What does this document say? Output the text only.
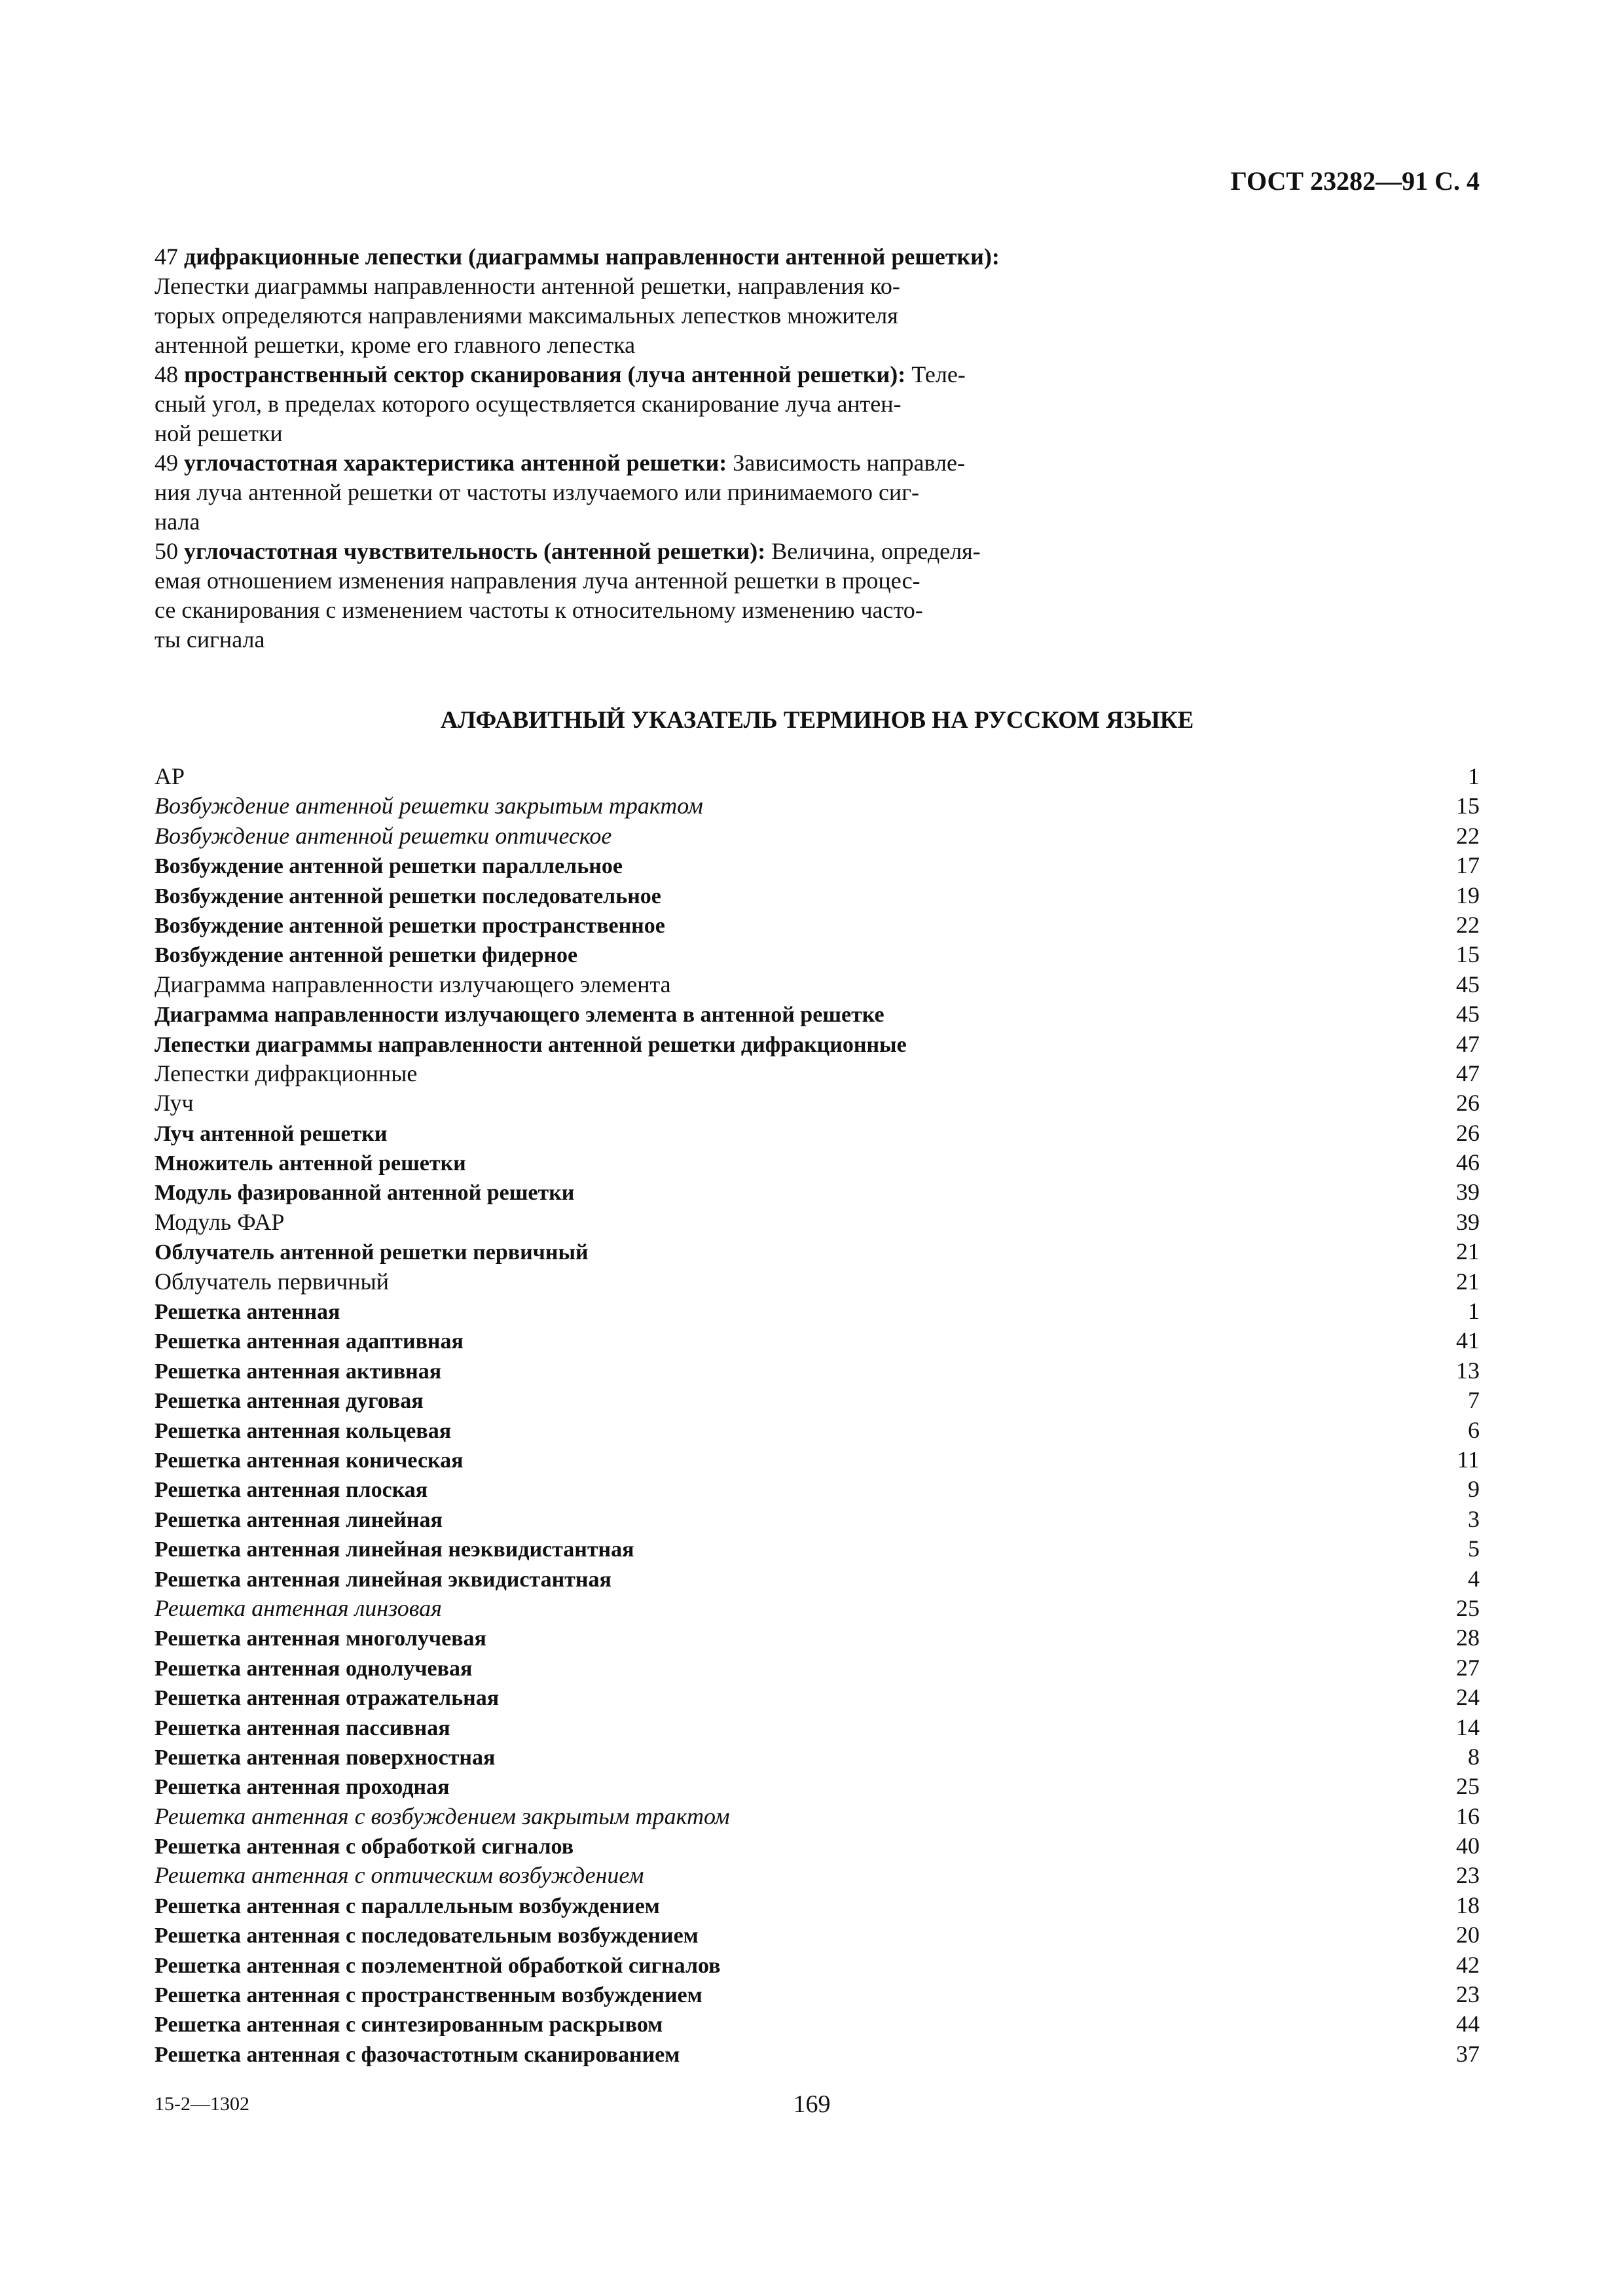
ГОСТ 23282—91 С. 4

47 дифракционные лепестки (диаграммы направленности антенной решетки):

Лепестки диаграммы направленности антенной решетки, направления ко-

торых определяются направлениями максимальных лепестков множителя

антенной решетки, кроме его главного лепестка

48 пространственный сектор сканирования (луча антенной решетки): Теле-

сный угол, в пределах которого осуществляется сканирование луча антен-

ной решетки

49 углочастотная характеристика антенной решетки: Зависимость направле-

ния луча антенной решетки от частоты излучаемого или принимаемого сиг-

нала

50 углочастотная чувствительность (антенной решетки): Величина, определя-

емая отношением изменения направления луча антенной решетки в процес-

се сканирования с изменением частоты к относительному изменению часто-

ты сигнала

АЛФАВИТНЫЙ УКАЗАТЕЛЬ ТЕРМИНОВ НА РУССКОМ ЯЗЫКЕ
АР	1
Возбуждение антенной решетки закрытым трактом	15
Возбуждение антенной решетки оптическое	22
Возбуждение антенной решетки параллельное	17
Возбуждение антенной решетки последовательное	19
Возбуждение антенной решетки пространственное	22
Возбуждение антенной решетки фидерное	15
Диаграмма направленности излучающего элемента	45
Диаграмма направленности излучающего элемента в антенной решетке	45
Лепестки диаграммы направленности антенной решетки дифракционные	47
Лепестки дифракционные	47
Луч	26
Луч антенной решетки	26
Множитель антенной решетки	46
Модуль фазированной антенной решетки	39
Модуль ФАР	39
Облучатель антенной решетки первичный	21
Облучатель первичный	21
Решетка антенная	1
Решетка антенная адаптивная	41
Решетка антенная активная	13
Решетка антенная дуговая	7
Решетка антенная кольцевая	6
Решетка антенная коническая	11
Решетка антенная плоская	9
Решетка антенная линейная	3
Решетка антенная линейная неэквидистантная	5
Решетка антенная линейная эквидистантная	4
Решетка антенная линзовая	25
Решетка антенная многолучевая	28
Решетка антенная однолучевая	27
Решетка антенная отражательная	24
Решетка антенная пассивная	14
Решетка антенная поверхностная	8
Решетка антенная проходная	25
Решетка антенная с возбуждением закрытым трактом	16
Решетка антенная с обработкой сигналов	40
Решетка антенная с оптическим возбуждением	23
Решетка антенная с параллельным возбуждением	18
Решетка антенная с последовательным возбуждением	20
Решетка антенная с поэлементной обработкой сигналов	42
Решетка антенная с пространственным возбуждением	23
Решетка антенная с синтезированным раскрывом	44
Решетка антенная с фазочастотным сканированием	37
15-2—1302	169
